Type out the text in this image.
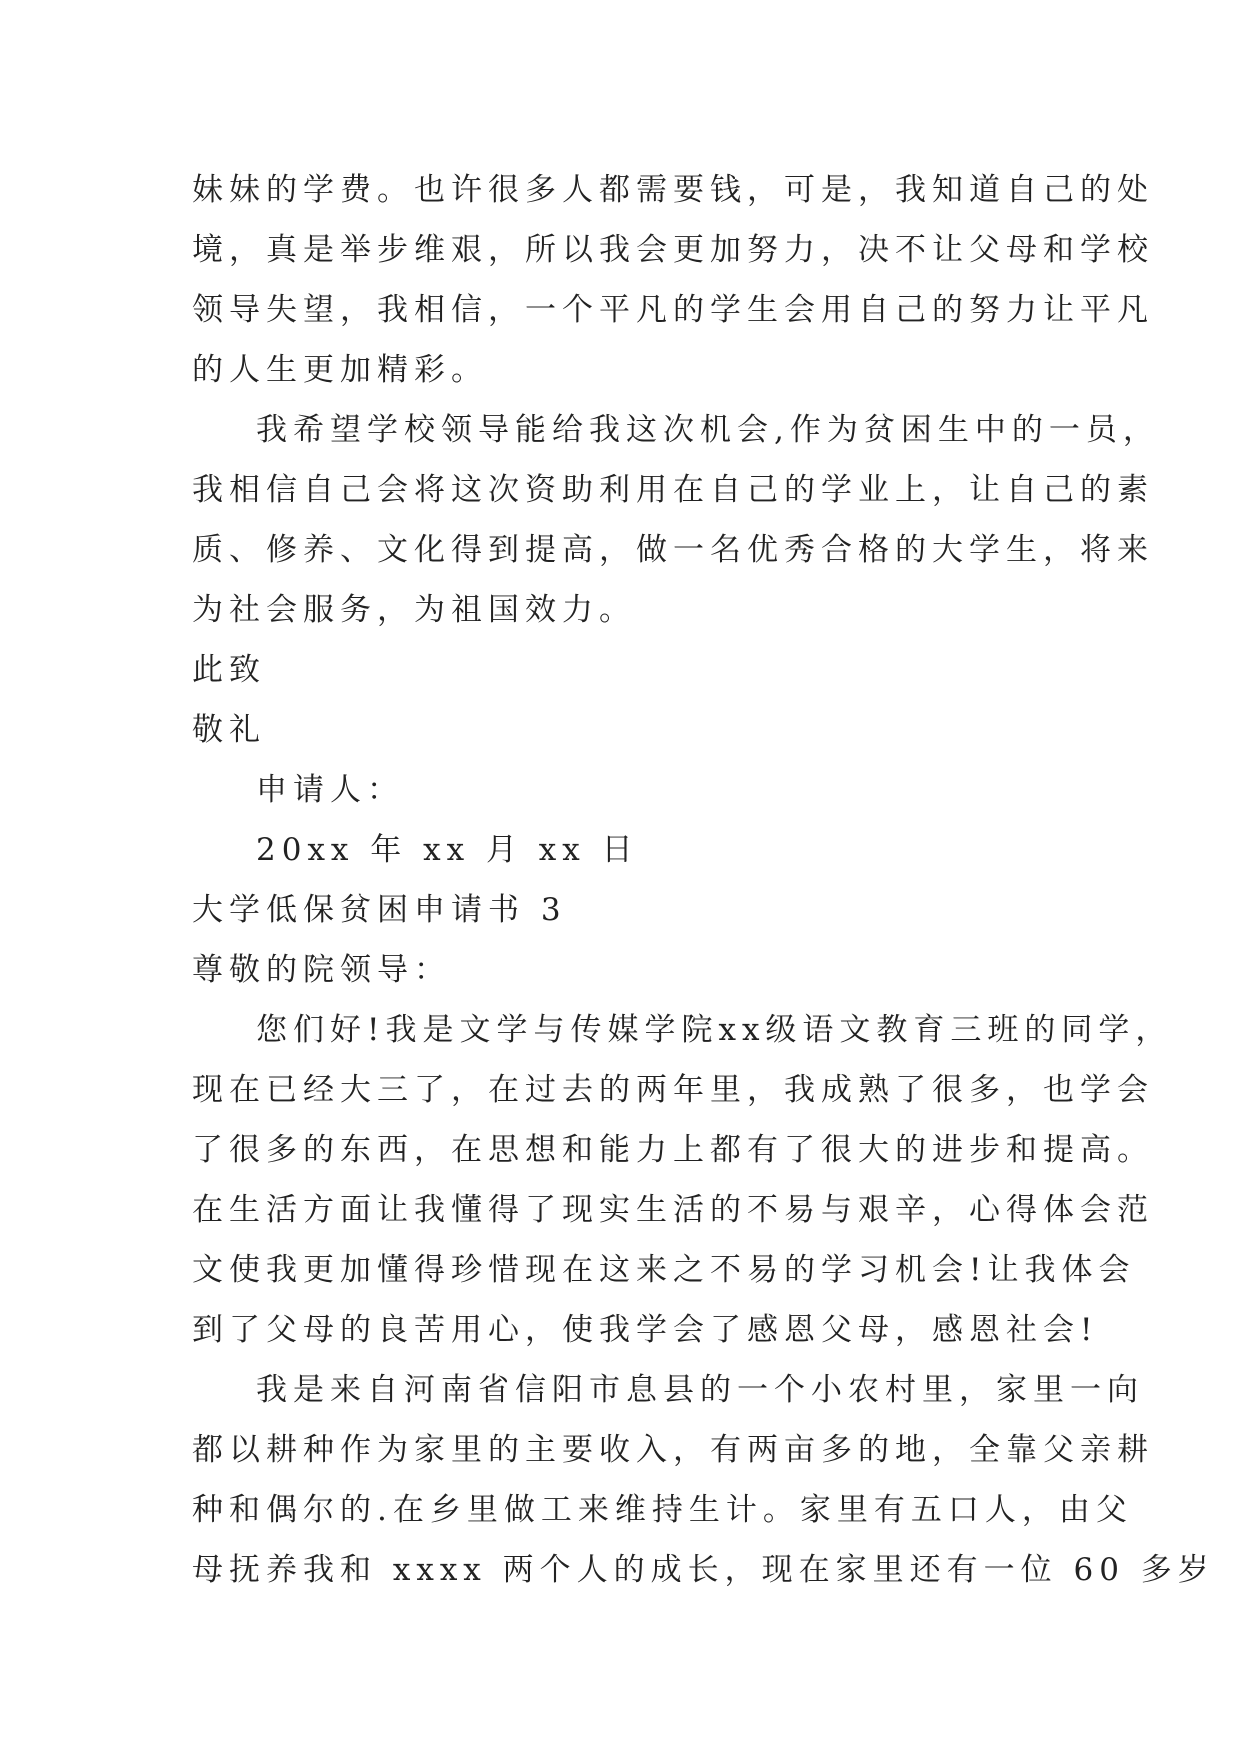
妹妹的学费。也许很多人都需要钱，可是，我知道自己的处
境，真是举步维艰，所以我会更加努力，决不让父母和学校
领导失望，我相信，一个平凡的学生会用自己的努力让平凡
的人生更加精彩。
我希望学校领导能给我这次机会,作为贫困生中的一员，
我相信自己会将这次资助利用在自己的学业上，让自己的素
质、修养、文化得到提高，做一名优秀合格的大学生，将来
为社会服务，为祖国效力。
此致
敬礼
申请人：
20xx 年 xx 月 xx 日
大学低保贫困申请书 3
尊敬的院领导：
您们好!我是文学与传媒学院xx级语文教育三班的同学，
现在已经大三了，在过去的两年里，我成熟了很多，也学会
了很多的东西，在思想和能力上都有了很大的进步和提高。
在生活方面让我懂得了现实生活的不易与艰辛，心得体会范
文使我更加懂得珍惜现在这来之不易的学习机会!让我体会
到了父母的良苦用心，使我学会了感恩父母，感恩社会!
我是来自河南省信阳市息县的一个小农村里，家里一向
都以耕种作为家里的主要收入，有两亩多的地，全靠父亲耕
种和偶尔的.在乡里做工来维持生计。家里有五口人，由父
母抚养我和 xxxx 两个人的成长，现在家里还有一位 60 多岁
